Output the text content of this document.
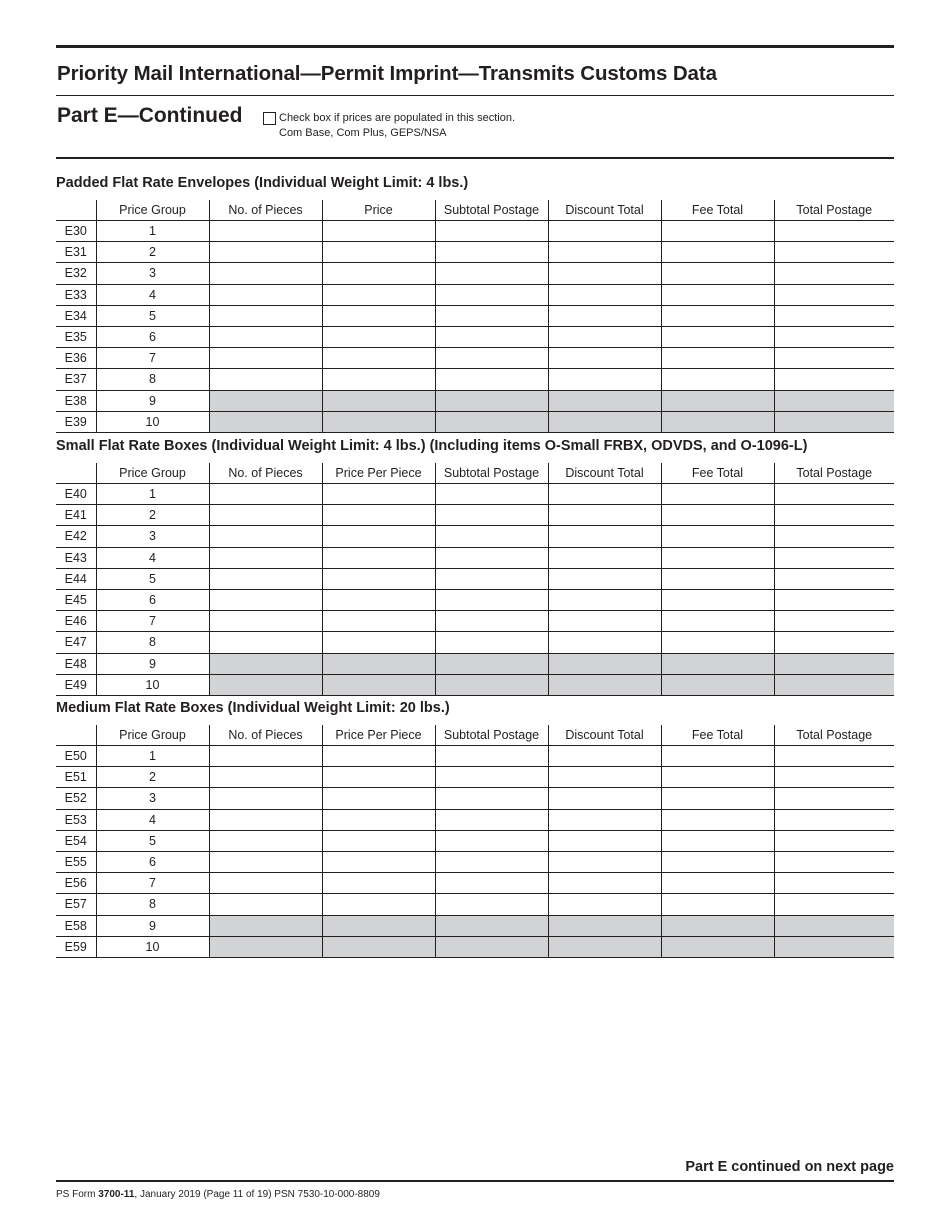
Priority Mail International—Permit Imprint—Transmits Customs Data
Part E—Continued	Check box if prices are populated in this section.
Com Base, Com Plus, GEPS/NSA
Padded Flat Rate Envelopes (Individual Weight Limit: 4 lbs.)
	Price Group	No. of Pieces	Price	Subtotal Postage	Discount Total	Fee Total	Total Postage
E30	1						
E31	2						
E32	3						
E33	4						
E34	5						
E35	6						
E36	7						
E37	8						
E38	9						
E39	10						
Small Flat Rate Boxes (Individual Weight Limit: 4 lbs.) (Including items O-Small FRBX, ODVDS, and O-1096-L)
	Price Group	No. of Pieces	Price Per Piece	Subtotal Postage	Discount Total	Fee Total	Total Postage
E40	1						
E41	2						
E42	3						
E43	4						
E44	5						
E45	6						
E46	7						
E47	8						
E48	9						
E49	10						
Medium Flat Rate Boxes (Individual Weight Limit: 20 lbs.)
	Price Group	No. of Pieces	Price Per Piece	Subtotal Postage	Discount Total	Fee Total	Total Postage
E50	1						
E51	2						
E52	3						
E53	4						
E54	5						
E55	6						
E56	7						
E57	8						
E58	9						
E59	10						
Part E continued on next page
PS Form 3700-11, January 2019 (Page 11 of 19) PSN 7530-10-000-8809
